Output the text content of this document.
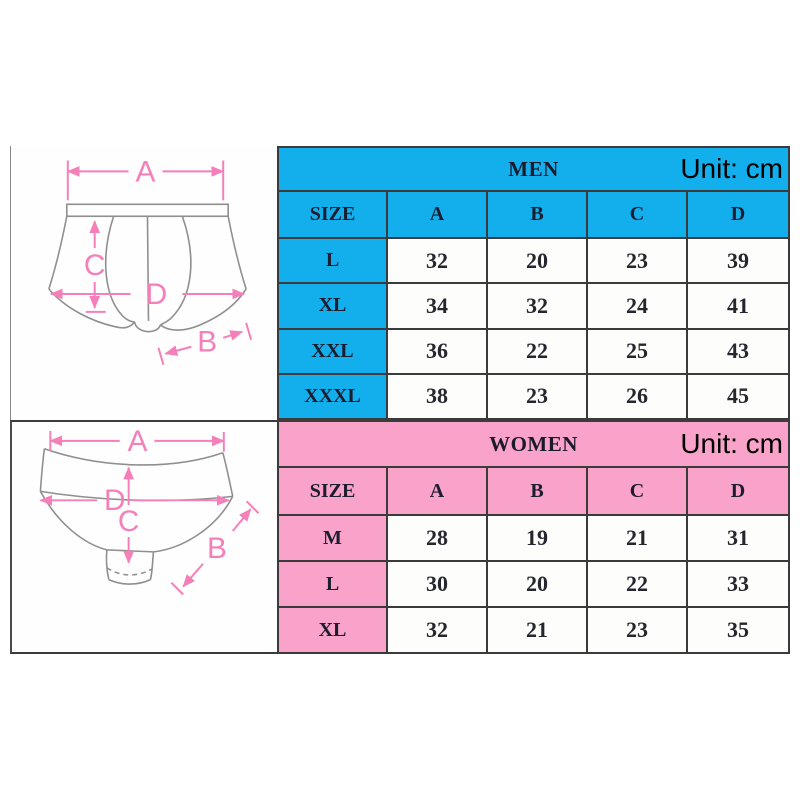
A
C
D
B
A
D
C
B
MEN	Unit: cm
SIZE	A	B	C	D
L	32	20	23	39
XL	34	32	24	41
XXL	36	22	25	43
XXXL	38	23	26	45
WOMEN	Unit: cm
SIZE	A	B	C	D
M	28	19	21	31
L	30	20	22	33
XL	32	21	23	35
